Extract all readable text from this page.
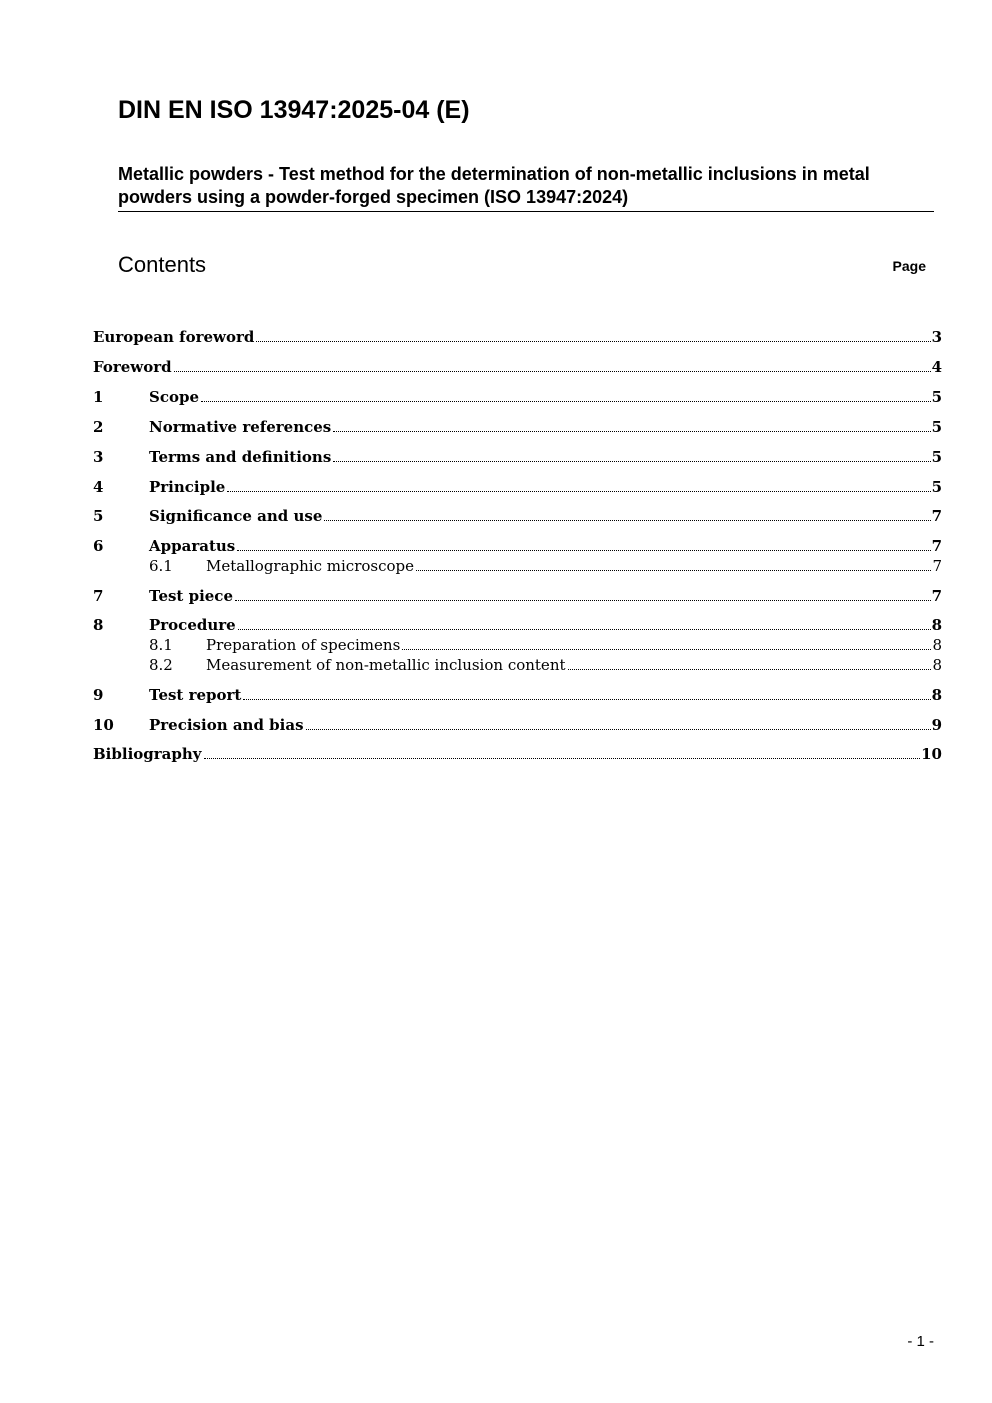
DIN EN ISO 13947:2025-04 (E)
Metallic powders - Test method for the determination of non-metallic inclusions in metal powders using a powder-forged specimen (ISO 13947:2024)
Contents	Page
European foreword	3
Foreword	4
1	Scope	5
2	Normative references	5
3	Terms and definitions	5
4	Principle	5
5	Significance and use	7
6	Apparatus	7
6.1	Metallographic microscope	7
7	Test piece	7
8	Procedure	8
8.1	Preparation of specimens	8
8.2	Measurement of non-metallic inclusion content	8
9	Test report	8
10	Precision and bias	9
Bibliography	10
- 1 -
